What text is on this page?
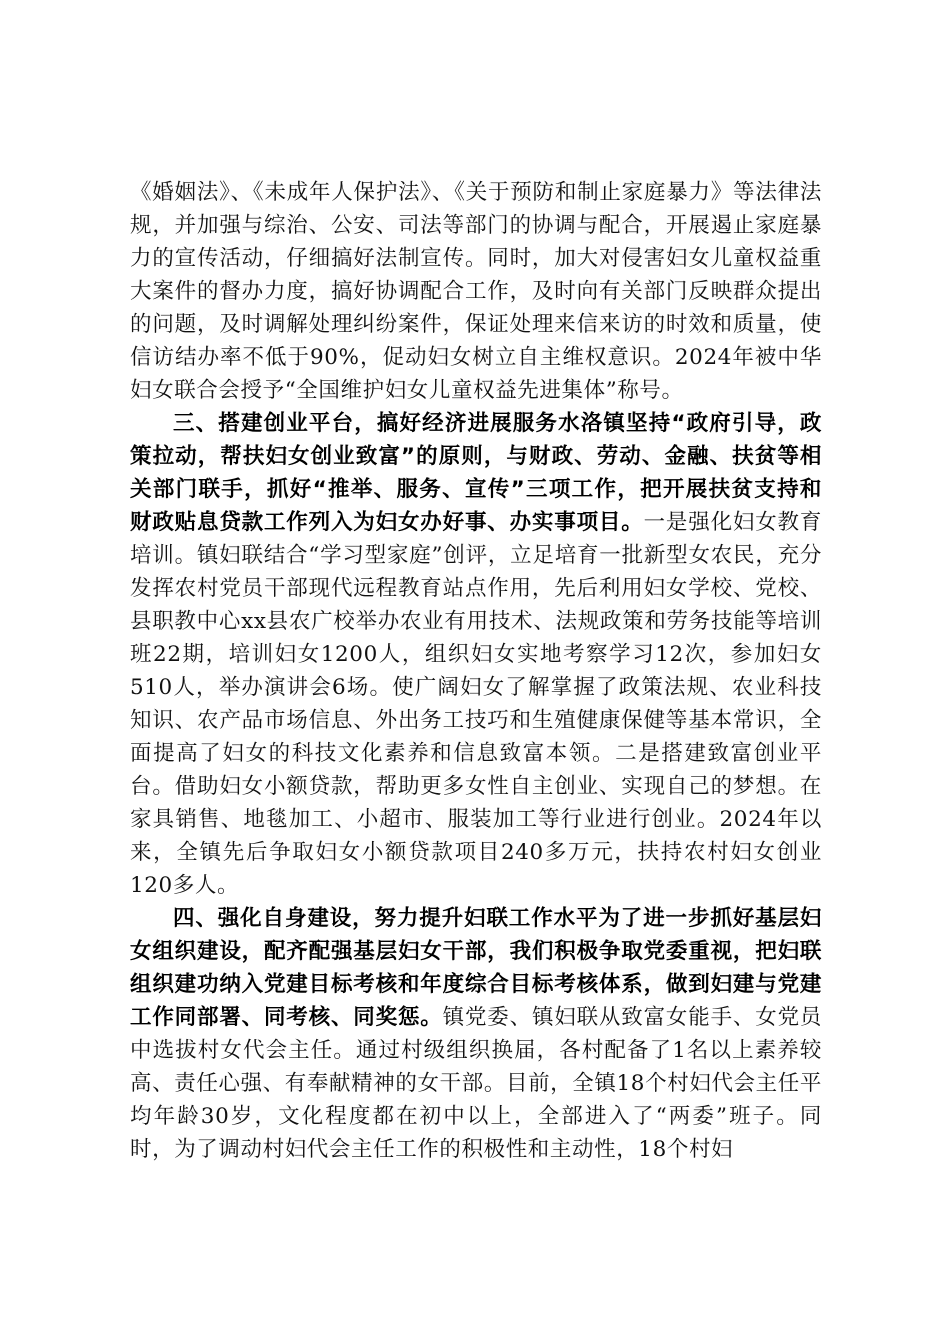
《婚姻法》、《未成年人保护法》、《关于预防和制止家庭暴力》等法律法规，并加强与综治、公安、司法等部门的协调与配合，开展遏止家庭暴力的宣传活动，仔细搞好法制宣传。同时，加大对侵害妇女儿童权益重大案件的督办力度，搞好协调配合工作，及时向有关部门反映群众提出的问题，及时调解处理纠纷案件，保证处理来信来访的时效和质量，使信访结办率不低于90%，促动妇女树立自主维权意识。2024年被中华妇女联合会授予“全国维护妇女儿童权益先进集体”称号。

三、搭建创业平台，搞好经济进展服务水洛镇坚持“政府引导，政策拉动，帮扶妇女创业致富”的原则，与财政、劳动、金融、扶贫等相关部门联手，抓好“推举、服务、宣传”三项工作，把开展扶贫支持和财政贴息贷款工作列入为妇女办好事、办实事项目。一是强化妇女教育培训。镇妇联结合“学习型家庭”创评，立足培育一批新型女农民，充分发挥农村党员干部现代远程教育站点作用，先后利用妇女学校、党校、县职教中心xx县农广校举办农业有用技术、法规政策和劳务技能等培训班22期，培训妇女1200人，组织妇女实地考察学习12次，参加妇女510人，举办演讲会6场。使广阔妇女了解掌握了政策法规、农业科技知识、农产品市场信息、外出务工技巧和生殖健康保健等基本常识，全面提高了妇女的科技文化素养和信息致富本领。二是搭建致富创业平台。借助妇女小额贷款，帮助更多女性自主创业、实现自己的梦想。在家具销售、地毯加工、小超市、服装加工等行业进行创业。2024年以来，全镇先后争取妇女小额贷款项目240多万元，扶持农村妇女创业120多人。

四、强化自身建设，努力提升妇联工作水平为了进一步抓好基层妇女组织建设，配齐配强基层妇女干部，我们积极争取党委重视，把妇联组织建功纳入党建目标考核和年度综合目标考核体系，做到妇建与党建工作同部署、同考核、同奖惩。镇党委、镇妇联从致富女能手、女党员中选拔村女代会主任。通过村级组织换届，各村配备了1名以上素养较高、责任心强、有奉献精神的女干部。目前，全镇18个村妇代会主任平均年龄30岁，文化程度都在初中以上，全部进入了“两委”班子。同时，为了调动村妇代会主任工作的积极性和主动性，18个村妇
